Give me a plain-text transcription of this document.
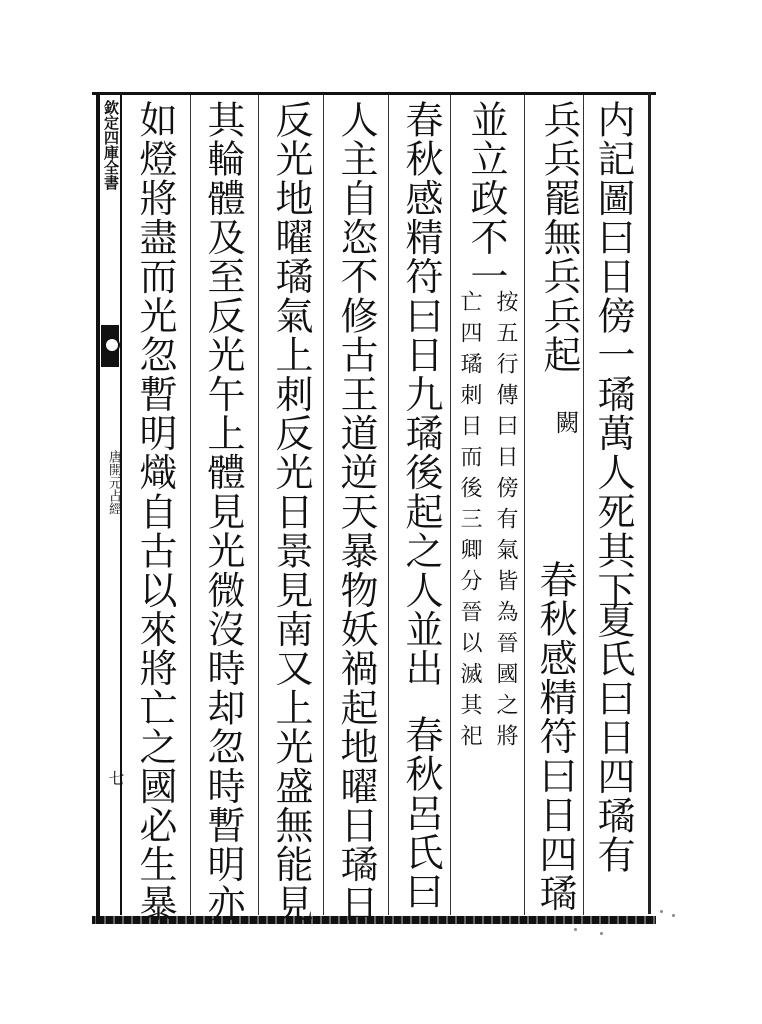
欽定四庫全書
唐開元占經
七
内記圖曰日傍一璚萬人死其下
夏氏曰日四璚有
兵兵罷無兵兵起
闕
春秋感精符曰日四璚
並立政不一
按五行傳曰日傍有氣皆為晉國之將
亡四璚刺日而後三卿分晉以滅其祀
春秋感精符曰日九璚後起之人並出
春秋呂氏曰
人主自恣不修古王道逆天暴物妖禍起地曜日璚日
反光地曜璚氣上刺反光日景見南又上光盛無能見
其輪體及至反光午上體見光微沒時却忽時暫明亦
如燈將盡而光忽暫明熾自古以來將亡之國必生暴
